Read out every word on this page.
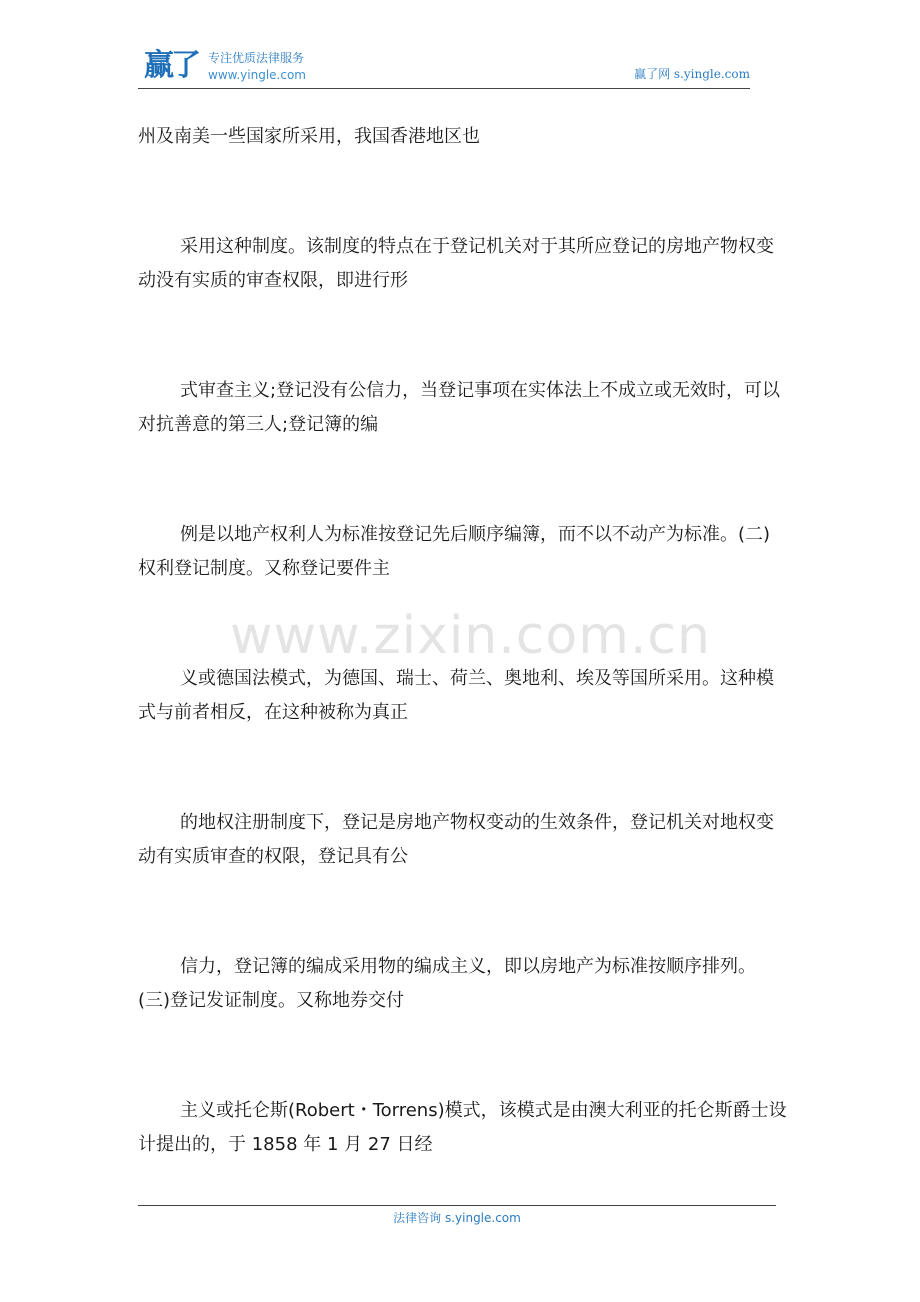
赢了 专注优质法律服务
www.yingle.com	赢了网 s.yingle.com
www.zixin.com.cn

州及南美一些国家所采用，我国香港地区也

采用这种制度。该制度的特点在于登记机关对于其所应登记的房地产物权变动没有实质的审查权限，即进行形

式审查主义;登记没有公信力，当登记事项在实体法上不成立或无效时，可以对抗善意的第三人;登记簿的编

例是以地产权利人为标准按登记先后顺序编簿，而不以不动产为标准。(二)权利登记制度。又称登记要件主

义或德国法模式，为德国、瑞士、荷兰、奥地利、埃及等国所采用。这种模式与前者相反，在这种被称为真正

的地权注册制度下，登记是房地产物权变动的生效条件，登记机关对地权变动有实质审查的权限，登记具有公

信力，登记簿的编成采用物的编成主义，即以房地产为标准按顺序排列。(三)登记发证制度。又称地券交付

主义或托仑斯(Robert・Torrens)模式，该模式是由澳大利亚的托仑斯爵士设计提出的，于 1858 年 1 月 27 日经

法律咨询 s.yingle.com
